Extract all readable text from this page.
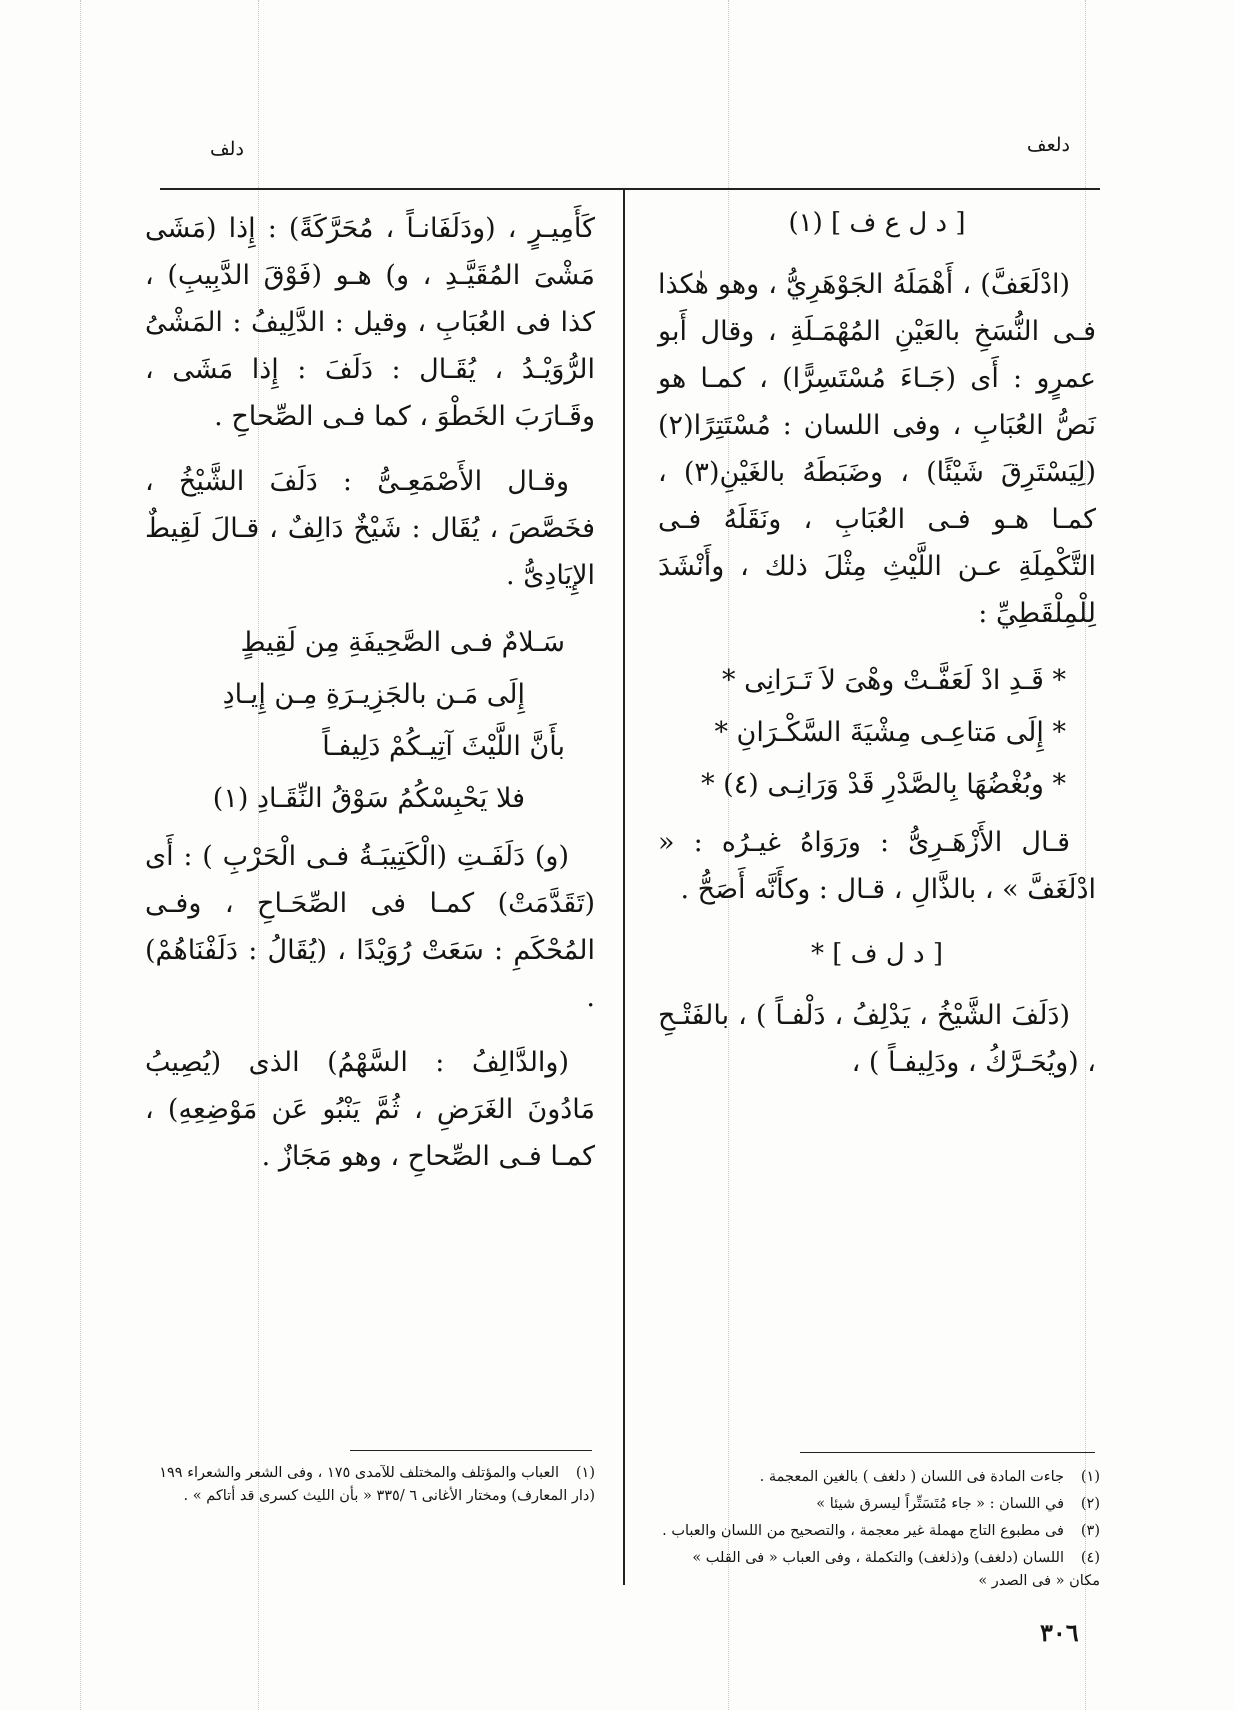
دلف	دلعف
[ د ل ع ف ] (١)
(ادْلَعَفَّ) ، أَهْمَلَهُ الجَوْهَرِيُّ ، وهو هٰكذا فـى النُّسَخِ بالعَيْنِ المُهْمَـلَةِ ، وقال أَبو عمرٍو : أَى (جَـاءَ مُسْتَسِرًّا) ، كمـا هو نَصُّ العُبَابِ ، وفى اللسان : مُسْتَتِرًا(٢) (لِيَسْتَرِقَ شَيْئًا) ، وضَبَطَهُ بالغَيْنِ(٣) ، كمـا هـو فـى العُبَابِ ، ونَقَلَهُ فـى التَّكْمِلَةِ عـن اللَّيْثِ مِثْلَ ذلك ، وأَنْشَدَ لِلْمِلْقَطِيِّ :
* قَـدِ ادْ لَعَفَّـتْ وهْىَ لاَ تَـرَانِى *
* إِلَى مَتاعِـى مِشْيَةَ السَّكْـرَانِ *
* وبُغْضُهَا بِالصَّدْرِ قَدْ وَرَانِـى (٤) *
قـال الأَزْهَـرِىُّ : ورَوَاهُ غيـرُه : « ادْلَغَفَّ » ، بالذَّالِ ، قـال : وكأَنَّه أَصَحُّ .
[ د ل ف ] *
(دَلَفَ الشَّيْخُ ، يَدْلِفُ ، دَلْفـاً ) ، بالفَتْـحِ ، (ويُحَـرَّكُ ، ودَلِيفـاً ) ،
كَأَمِيـرٍ ، (ودَلَفَانـاً ، مُحَرَّكَةً) : إِذا (مَشَى مَشْىَ المُقَيَّـدِ ، و) هـو (فَوْقَ الدَّبِيبِ) ، كذا فى العُبَابِ ، وقيل : الدَّلِيفُ : المَشْىُ الرُّوَيْـدُ ، يُقَـال : دَلَفَ : إِذا مَشَى ، وقَـارَبَ الخَطْوَ ، كما فـى الصِّحاحِ .
وقـال الأَصْمَعِـىُّ : دَلَفَ الشَّيْخُ ، فخَصَّصَ ، يُقَال : شَيْخٌ دَالِفٌ ، قـالَ لَقِيطٌ الإِيَادِىُّ .
سَـلامٌ فـى الصَّحِيفَةِ مِن لَقِيطٍ
إِلَى مَـن بالجَزِيـرَةِ مِـن إِيـادِ
بأَنَّ اللَّيْثَ آتِيـكُمْ دَلِيفـاً
فلا يَحْبِسْكُمُ سَوْقُ النِّقَـادِ (١)
(و) دَلَفَـتِ (الْكَتِيبَـةُ فـى الْحَرْبِ ) : أَى (تَقَدَّمَتْ) كمـا فى الصِّحَـاحِ ، وفـى المُحْكَمِ : سَعَتْ رُوَيْدًا ، (يُقَالُ : دَلَفْنَاهُمْ) .
(والدَّالِفُ : السَّهْمُ) الذى (يُصِيبُ مَادُونَ الغَرَضِ ، ثُمَّ يَنْبُو عَن مَوْضِعِهِ) ، كمـا فـى الصِّحاحِ ، وهو مَجَازٌ .
(١)جاءت المادة فى اللسان ( دلغف ) بالغين المعجمة .
(٢)في اللسان : « جاء مُتَسَتِّراً ليسرق شيئا »
(٣)فى مطبوع التاج مهملة غير معجمة ، والتصحيح من اللسان والعباب .
(٤)اللسان (دلغف) و(ذلغف) والتكملة ، وفى العباب « فى القلب » مكان « فى الصدر »
(١)العباب والمؤتلف والمختلف للآمدى ١٧٥ ، وفى الشعر والشعراء ١٩٩ (دار المعارف) ومختار الأغانى ٦ /٣٣٥ « بأن الليث كسرى قد أتاكم » .
٣٠٦
